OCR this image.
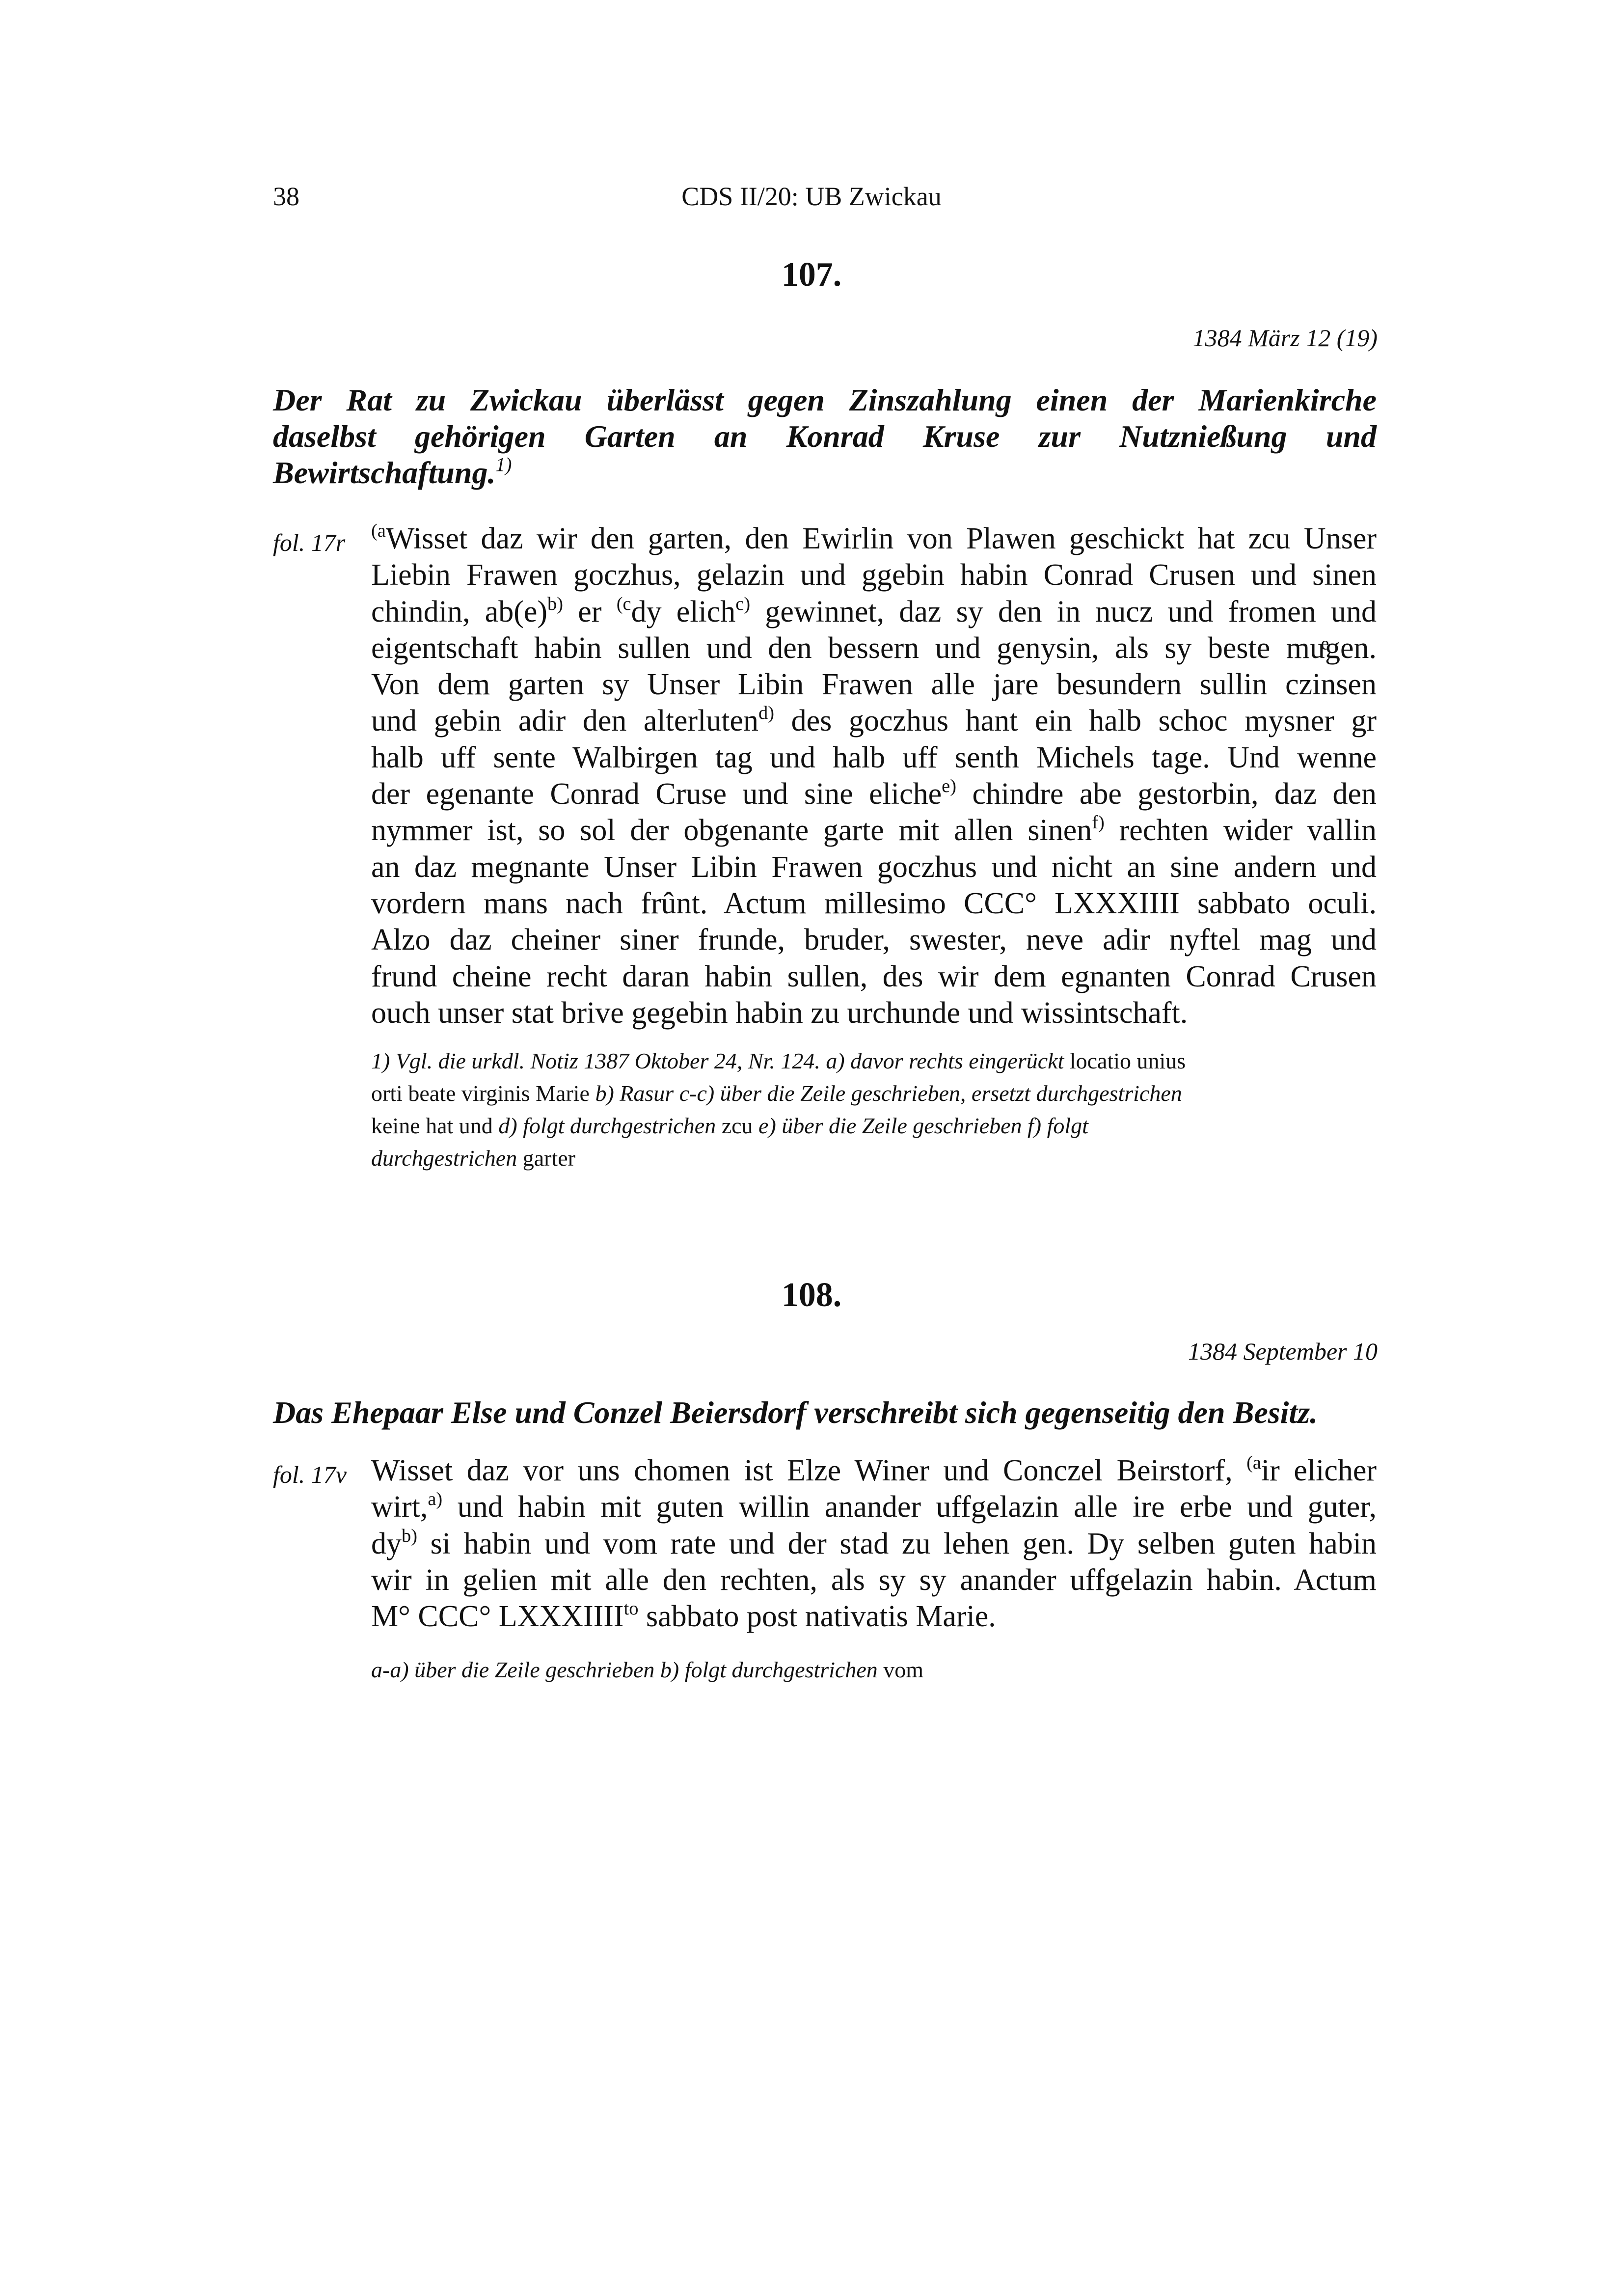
38	CDS II/20: UB Zwickau
107.
1384 März 12 (19)
Der Rat zu Zwickau überlässt gegen Zinszahlung einen der Marienkirche
daselbst gehörigen Garten an Konrad Kruse zur Nutznießung und
Bewirtschaftung.$^{1)}$
fol. 17r $^{(a}$Wisset daz wir den garten, den Ewirlin von Plawen geschickt hat zcu Unser
Liebin Frawen goczhus, gelazin und ggebin habin Conrad Crusen und sinen
chindin, $ab(e)^{b)}$ er $^{(c}$dy elich$^{c)}$ gewinnet, daz sy den in nucz und fromen und
eigentschaft habin sullen und den bessern und genysin, als sy beste muͤgen.
Von dem garten sy Unser Libin Frawen alle jare besundern sullin czinsen
und gebin adir den alterluten$^{d)}$ des goczhus hant ein halb schoc mysner gr
halb uff sente Walbirgen tag und halb uff senth Michels tage. Und wenne
der egenante Conrad Cruse und sine eliche$^{e)}$ chindre abe gestorbin, daz den
nymmer ist, so sol der obgenante garte mit allen sinen$^{f)}$ rechten wider vallin
an daz megnante Unser Libin Frawen goczhus und nicht an sine andern und
vordern mans nach frûnt. Actum millesimo CCC° LXXXIIII sabbato oculi.
Alzo daz cheiner siner frunde, bruder, swester, neve adir nyftel mag und
frund cheine recht daran habin sullen, des wir dem egnanten Conrad Crusen
ouch unser stat brive gegebin habin zu urchunde und wissintschaft.
1) Vgl. die urkdl. Notiz 1387 Oktober 24, Nr. 124. a) davor rechts eingerückt locatio unius
orti beate virginis Marie b) Rasur c-c) über die Zeile geschrieben, ersetzt durchgestrichen
keine hat und d) folgt durchgestrichen zcu e) über die Zeile geschrieben f) folgt
durchgestrichen garter
108.
1384 September 10
Das Ehepaar Else und Conzel Beiersdorf verschreibt sich gegenseitig den Besitz.
fol. 17v Wisset daz vor uns chomen ist Elze Winer und Conczel Beirstorf, $^{(a}$ir elicher
wirt,$^{a)}$ und habin mit guten willin anander uffgelazin alle ire erbe und guter,
$dy^{b)}$ si habin und vom rate und der stad zu lehen gen. Dy selben guten habin
wir in gelien mit alle den rechten, als sy sy anander uffgelazin habin. Actum
M° CCC° $LXXXIIII^{to}$ sabbato post nativatis Marie.
a-a) über die Zeile geschrieben b) folgt durchgestrichen vom
